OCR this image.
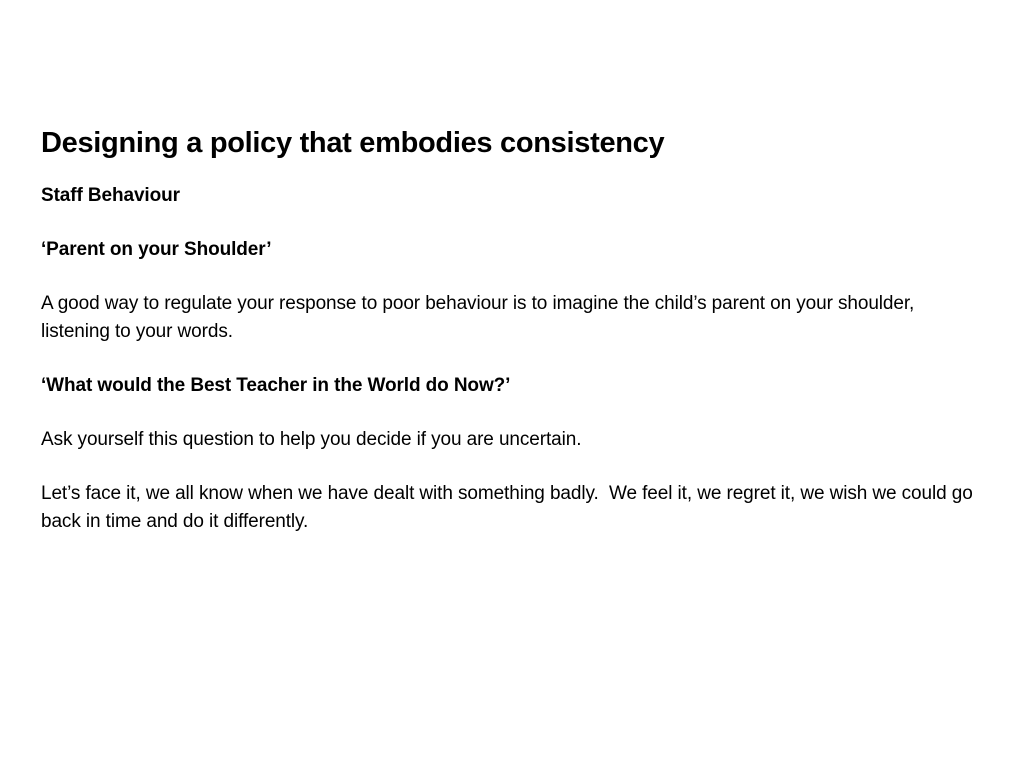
Designing a policy that embodies consistency

Staff Behaviour

‘Parent on your Shoulder’

A good way to regulate your response to poor behaviour is to imagine the child’s parent on your shoulder, listening to your words.

‘What would the Best Teacher in the World do Now?’

Ask yourself this question to help you decide if you are uncertain.

Let’s face it, we all know when we have dealt with something badly.  We feel it, we regret it, we wish we could go back in time and do it differently.
